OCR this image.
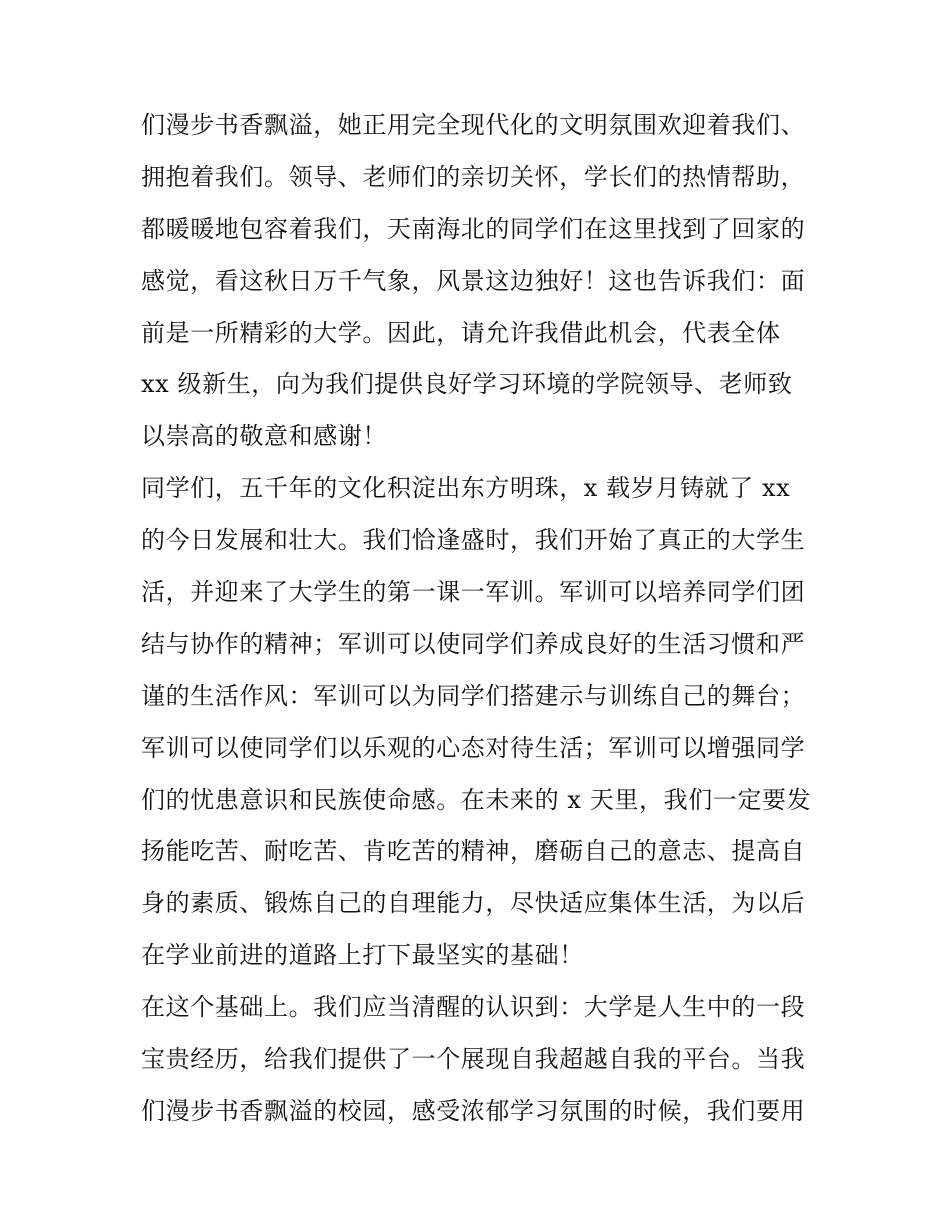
们漫步书香飘溢，她正用完全现代化的文明氛围欢迎着我们、
拥抱着我们。领导、老师们的亲切关怀，学长们的热情帮助，
都暖暖地包容着我们，天南海北的同学们在这里找到了回家的
感觉，看这秋日万千气象，风景这边独好！这也告诉我们：面
前是一所精彩的大学。因此，请允许我借此机会，代表全体
xx 级新生，向为我们提供良好学习环境的学院领导、老师致
以崇高的敬意和感谢！
同学们，五千年的文化积淀出东方明珠，x 载岁月铸就了 xx
的今日发展和壮大。我们恰逢盛时，我们开始了真正的大学生
活，并迎来了大学生的第一课一军训。军训可以培养同学们团
结与协作的精神；军训可以使同学们养成良好的生活习惯和严
谨的生活作风：军训可以为同学们搭建示与训练自己的舞台；
军训可以使同学们以乐观的心态对待生活；军训可以增强同学
们的忧患意识和民族使命感。在未来的 x 天里，我们一定要发
扬能吃苦、耐吃苦、肯吃苦的精神，磨砺自己的意志、提高自
身的素质、锻炼自己的自理能力，尽快适应集体生活，为以后
在学业前进的道路上打下最坚实的基础！
在这个基础上。我们应当清醒的认识到：大学是人生中的一段
宝贵经历，给我们提供了一个展现自我超越自我的平台。当我
们漫步书香飘溢的校园，感受浓郁学习氛围的时候，我们要用
